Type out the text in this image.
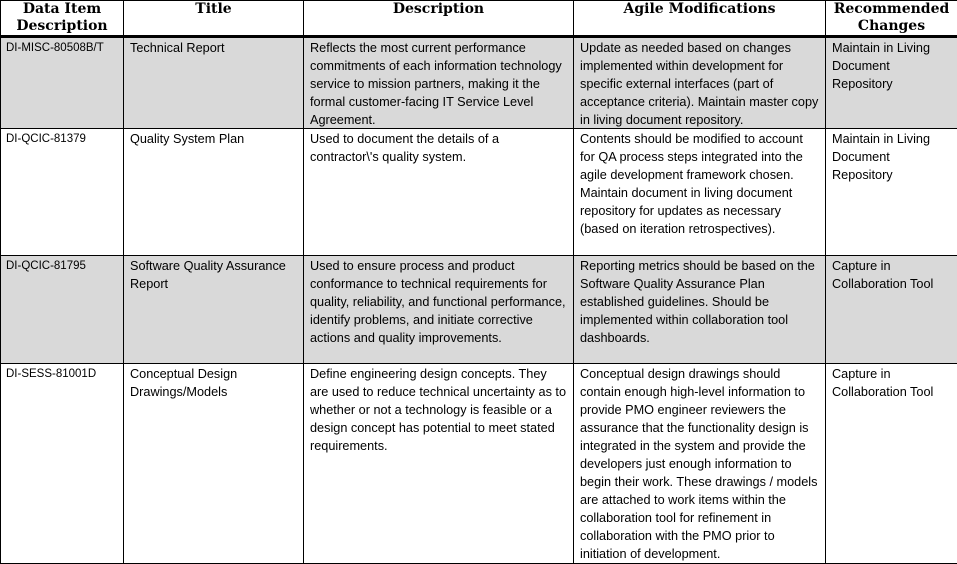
Data Item Description	Title	Description	Agile Modifications	Recommended Changes
DI-MISC-80508B/T	Technical Report	Reflects the most current performance commitments of each information technology service to mission partners, making it the formal customer-facing IT Service Level Agreement.	Update as needed based on changes implemented within development for specific external interfaces (part of acceptance criteria). Maintain master copy in living document repository.	Maintain in Living Document Repository
DI-QCIC-81379	Quality System Plan	Used to document the details of a contractor\'s quality system.	Contents should be modified to account for QA process steps integrated into the agile development framework chosen. Maintain document in living document repository for updates as necessary (based on iteration retrospectives).	Maintain in Living Document Repository
DI-QCIC-81795	Software Quality Assurance Report	Used to ensure process and product conformance to technical requirements for quality, reliability, and functional performance, identify problems, and initiate corrective actions and quality improvements.	Reporting metrics should be based on the Software Quality Assurance Plan established guidelines. Should be implemented within collaboration tool dashboards.	Capture in Collaboration Tool
DI-SESS-81001D	Conceptual Design Drawings/Models	Define engineering design concepts. They are used to reduce technical uncertainty as to whether or not a technology is feasible or a design concept has potential to meet stated requirements.	Conceptual design drawings should contain enough high-level information to provide PMO engineer reviewers the assurance that the functionality design is integrated in the system and provide the developers just enough information to begin their work. These drawings / models are attached to work items within the collaboration tool for refinement in collaboration with the PMO prior to initiation of development.	Capture in Collaboration Tool
